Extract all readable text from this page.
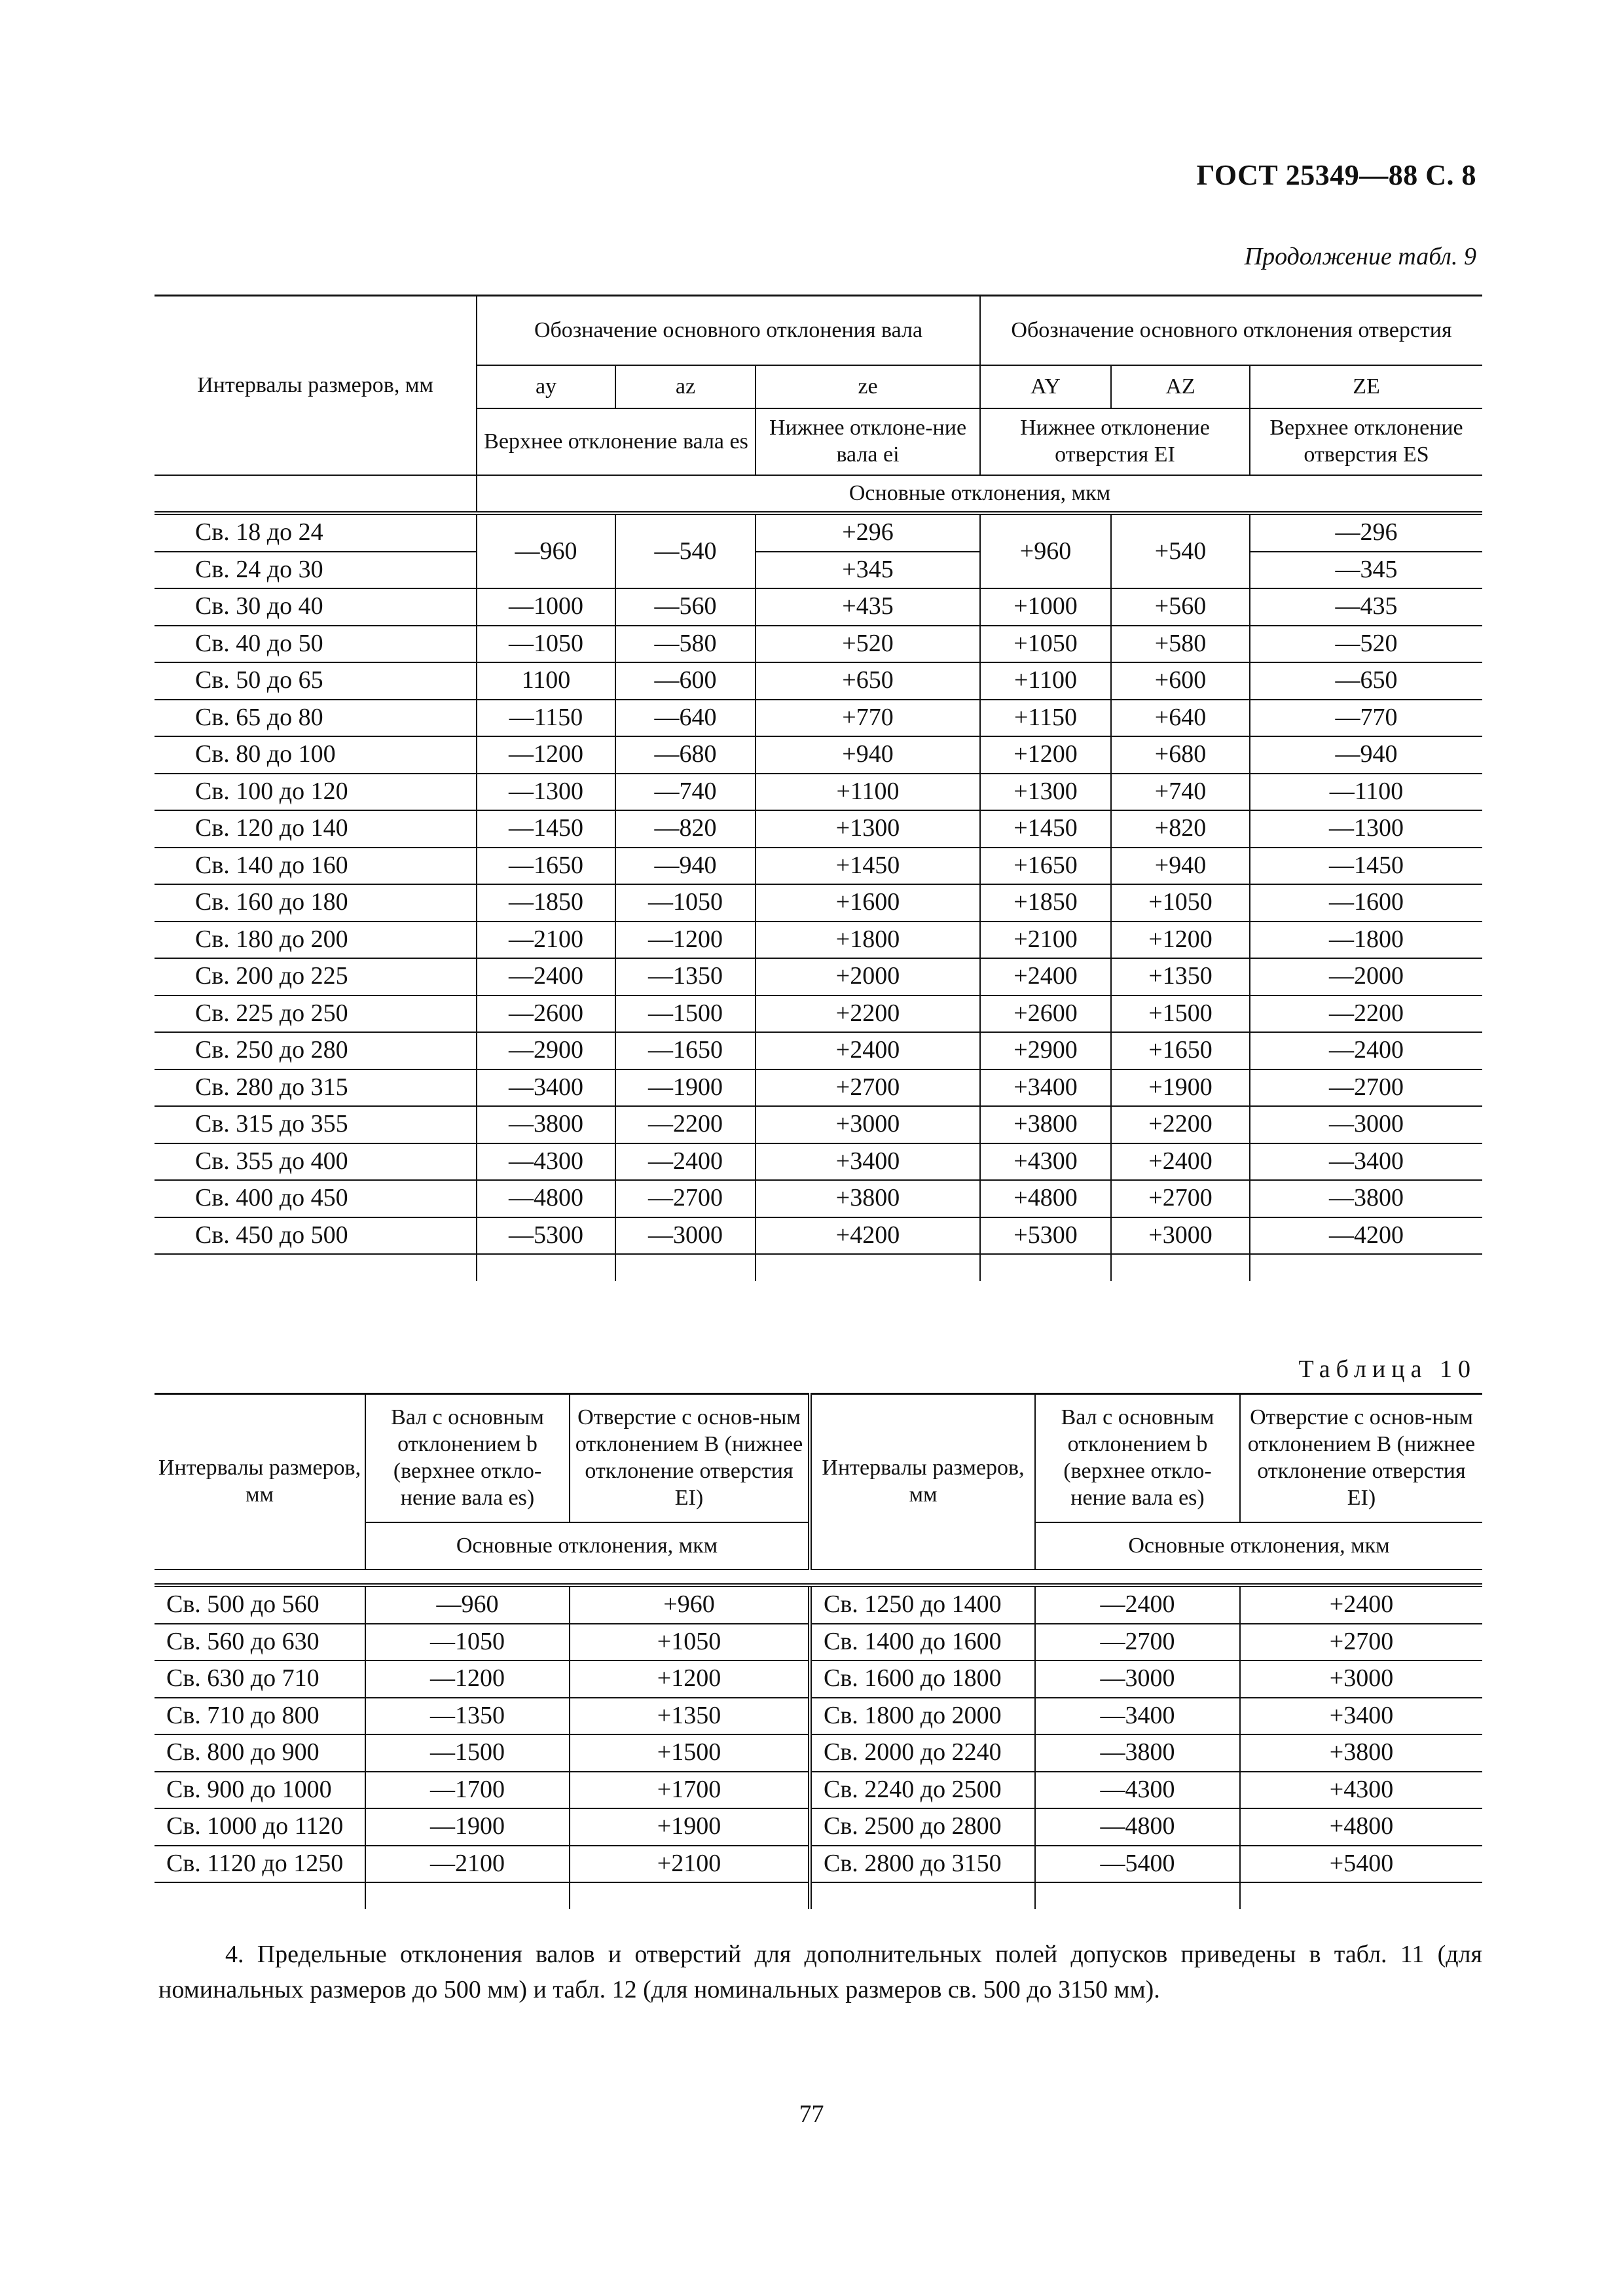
ГОСТ 25349—88 С. 8
Продолжение табл. 9
Интервалы размеров, мм	Обозначение основного отклонения вала			Обозначение основного отклонения отверстия		
	ay	az	ze	AY	AZ	ZE
	Верхнее отклонение вала es		Нижнее отклоне-ние вала ei	Нижнее отклонение отверстия EI		Верхнее отклонение отверстия ES
	Основные отклонения, мкм					
Св. 18 до 24	—960	—540	+296	+960	+540	—296
Св. 24 до 30			+345			—345
Св. 30 до 40	—1000	—560	+435	+1000	+560	—435
Св. 40 до 50	—1050	—580	+520	+1050	+580	—520
Св. 50 до 65	1100	—600	+650	+1100	+600	—650
Св. 65 до 80	—1150	—640	+770	+1150	+640	—770
Св. 80 до 100	—1200	—680	+940	+1200	+680	—940
Св. 100 до 120	—1300	—740	+1100	+1300	+740	—1100
Св. 120 до 140	—1450	—820	+1300	+1450	+820	—1300
Св. 140 до 160	—1650	—940	+1450	+1650	+940	—1450
Св. 160 до 180	—1850	—1050	+1600	+1850	+1050	—1600
Св. 180 до 200	—2100	—1200	+1800	+2100	+1200	—1800
Св. 200 до 225	—2400	—1350	+2000	+2400	+1350	—2000
Св. 225 до 250	—2600	—1500	+2200	+2600	+1500	—2200
Св. 250 до 280	—2900	—1650	+2400	+2900	+1650	—2400
Св. 280 до 315	—3400	—1900	+2700	+3400	+1900	—2700
Св. 315 до 355	—3800	—2200	+3000	+3800	+2200	—3000
Св. 355 до 400	—4300	—2400	+3400	+4300	+2400	—3400
Св. 400 до 450	—4800	—2700	+3800	+4800	+2700	—3800
Св. 450 до 500	—5300	—3000	+4200	+5300	+3000	—4200

Таблица 10
Интервалы размеров, мм	Вал с основным отклонением b (верхнее откло-нение вала es)	Отверстие с основ-ным отклонением B (нижнее отклонение отверстия EI)	Интервалы размеров, мм	Вал с основным отклонением b (верхнее откло-нение вала es)	Отверстие с основ-ным отклонением B (нижнее отклонение отверстия EI)
	Основные отклонения, мкм			Основные отклонения, мкм	

Св. 500 до 560	—960	+960	Св. 1250 до 1400	—2400	+2400
Св. 560 до 630	—1050	+1050	Св. 1400 до 1600	—2700	+2700
Св. 630 до 710	—1200	+1200	Св. 1600 до 1800	—3000	+3000
Св. 710 до 800	—1350	+1350	Св. 1800 до 2000	—3400	+3400
Св. 800 до 900	—1500	+1500	Св. 2000 до 2240	—3800	+3800
Св. 900 до 1000	—1700	+1700	Св. 2240 до 2500	—4300	+4300
Св. 1000 до 1120	—1900	+1900	Св. 2500 до 2800	—4800	+4800
Св. 1120 до 1250	—2100	+2100	Св. 2800 до 3150	—5400	+5400

4. Предельные отклонения валов и отверстий для дополнительных полей допусков приведены в табл. 11 (для номинальных размеров до 500 мм) и табл. 12 (для номинальных размеров св. 500 до 3150 мм).
77
